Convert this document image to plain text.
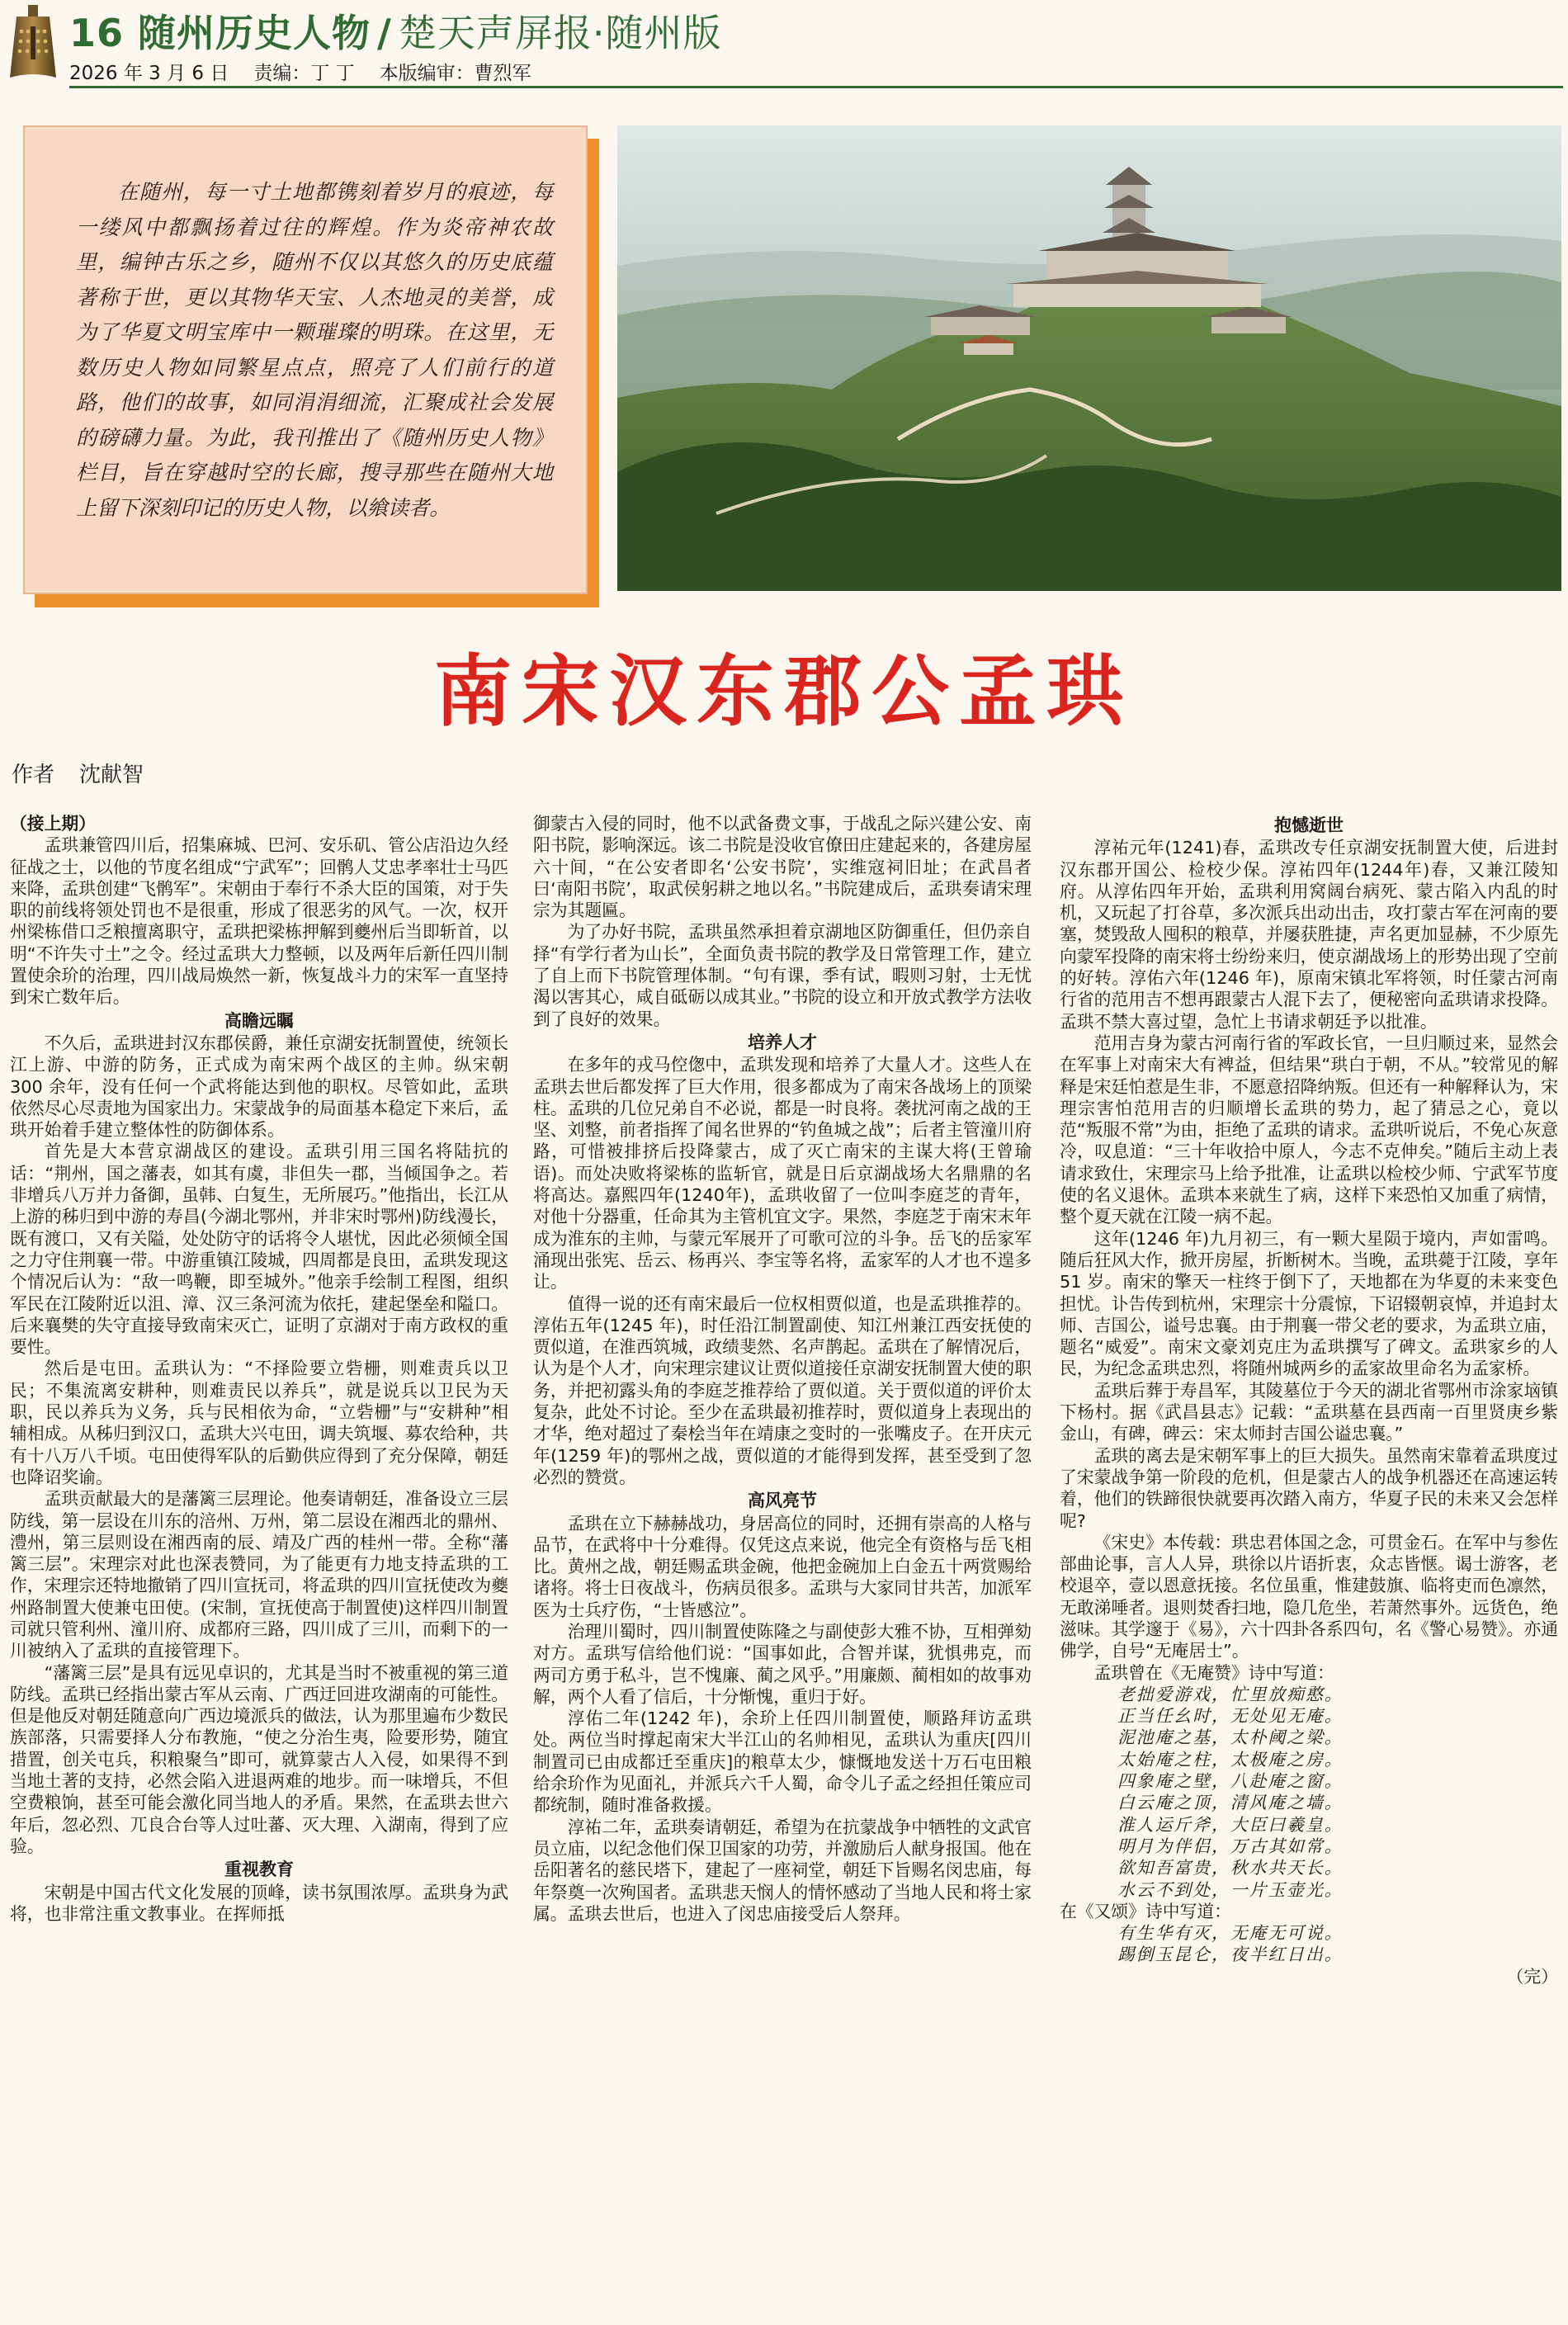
16 随州历史人物 / 楚天声屏报·随州版
2026 年 3 月 6 日 责编：丁 丁 本版编审：曹烈军

在随州，每一寸土地都镌刻着岁月的痕迹，每一缕风中都飘扬着过往的辉煌。作为炎帝神农故里，编钟古乐之乡，随州不仅以其悠久的历史底蕴著称于世，更以其物华天宝、人杰地灵的美誉，成为了华夏文明宝库中一颗璀璨的明珠。在这里，无数历史人物如同繁星点点，照亮了人们前行的道路，他们的故事，如同涓涓细流，汇聚成社会发展的磅礴力量。为此，我刊推出了《随州历史人物》栏目，旨在穿越时空的长廊，搜寻那些在随州大地上留下深刻印记的历史人物，以飨读者。

南宋汉东郡公孟珙
作者 沈献智

（接上期）

孟珙兼管四川后，招集麻城、巴河、安乐矶、管公店沿边久经征战之士，以他的节度名组成“宁武军”；回鹘人艾忠孝率壮士马匹来降，孟珙创建“飞鹘军”。宋朝由于奉行不杀大臣的国策，对于失职的前线将领处罚也不是很重，形成了很恶劣的风气。一次，权开州梁栋借口乏粮擅离职守，孟珙把梁栋押解到夔州后当即斩首，以明“不许失寸土”之令。经过孟珙大力整顿，以及两年后新任四川制置使余玠的治理，四川战局焕然一新，恢复战斗力的宋军一直坚持到宋亡数年后。

高瞻远瞩

不久后，孟珙进封汉东郡侯爵，兼任京湖安抚制置使，统领长江上游、中游的防务，正式成为南宋两个战区的主帅。纵宋朝 300 余年，没有任何一个武将能达到他的职权。尽管如此，孟珙依然尽心尽责地为国家出力。宋蒙战争的局面基本稳定下来后，孟珙开始着手建立整体性的防御体系。

首先是大本营京湖战区的建设。孟珙引用三国名将陆抗的话：“荆州，国之藩表，如其有虞，非但失一郡，当倾国争之。若非增兵八万并力备御，虽韩、白复生，无所展巧。”他指出，长江从上游的秭归到中游的寿昌(今湖北鄂州，并非宋时鄂州)防线漫长，既有渡口，又有关隘，处处防守的话将令人堪忧，因此必须倾全国之力守住荆襄一带。中游重镇江陵城，四周都是良田，孟珙发现这个情况后认为：“敌一鸣鞭，即至城外。”他亲手绘制工程图，组织军民在江陵附近以沮、漳、汉三条河流为依托，建起堡垒和隘口。后来襄樊的失守直接导致南宋灭亡，证明了京湖对于南方政权的重要性。

然后是屯田。孟珙认为：“不择险要立砦栅，则难责兵以卫民；不集流离安耕种，则难责民以养兵”，就是说兵以卫民为天职，民以养兵为义务，兵与民相依为命，“立砦栅”与“安耕种”相辅相成。从秭归到汉口，孟珙大兴屯田，调夫筑堰、募农给种，共有十八万八千顷。屯田使得军队的后勤供应得到了充分保障，朝廷也降诏奖谕。

孟珙贡献最大的是藩篱三层理论。他奏请朝廷，准备设立三层防线，第一层设在川东的涪州、万州，第二层设在湘西北的鼎州、澧州，第三层则设在湘西南的辰、靖及广西的桂州一带。全称“藩篱三层”。宋理宗对此也深表赞同，为了能更有力地支持孟珙的工作，宋理宗还特地撤销了四川宣抚司，将孟珙的四川宣抚使改为夔州路制置大使兼屯田使。(宋制，宣抚使高于制置使)这样四川制置司就只管利州、潼川府、成都府三路，四川成了三川，而剩下的一川被纳入了孟珙的直接管理下。

“藩篱三层”是具有远见卓识的，尤其是当时不被重视的第三道防线。孟珙已经指出蒙古军从云南、广西迂回进攻湖南的可能性。但是他反对朝廷随意向广西边境派兵的做法，认为那里遍布少数民族部落，只需要择人分布教施，“使之分治生夷，险要形势，随宜措置，创关屯兵，积粮聚刍”即可，就算蒙古人入侵，如果得不到当地土著的支持，必然会陷入进退两难的地步。而一味增兵，不但空费粮饷，甚至可能会激化同当地人的矛盾。果然，在孟珙去世六年后，忽必烈、兀良合台等人过吐蕃、灭大理、入湖南，得到了应验。

重视教育

宋朝是中国古代文化发展的顶峰，读书氛围浓厚。孟珙身为武将，也非常注重文教事业。在挥师抵

御蒙古入侵的同时，他不以武备费文事，于战乱之际兴建公安、南阳书院，影响深远。该二书院是没收官僚田庄建起来的，各建房屋六十间，“在公安者即名‘公安书院’，实维寇祠旧址；在武昌者曰‘南阳书院’，取武侯躬耕之地以名。”书院建成后，孟珙奏请宋理宗为其题匾。

为了办好书院，孟珙虽然承担着京湖地区防御重任，但仍亲自择“有学行者为山长”，全面负责书院的教学及日常管理工作，建立了自上而下书院管理体制。“句有课，季有试，暇则习射，士无忧渴以害其心，咸自砥砺以成其业。”书院的设立和开放式教学方法收到了良好的效果。

培养人才

在多年的戎马倥偬中，孟珙发现和培养了大量人才。这些人在孟珙去世后都发挥了巨大作用，很多都成为了南宋各战场上的顶梁柱。孟珙的几位兄弟自不必说，都是一时良将。袭扰河南之战的王坚、刘整，前者指挥了闻名世界的“钓鱼城之战”；后者主管潼川府路，可惜被排挤后投降蒙古，成了灭亡南宋的主谋大将(王曾瑜语)。而处决败将梁栋的监斩官，就是日后京湖战场大名鼎鼎的名将高达。嘉熙四年(1240年)，孟珙收留了一位叫李庭芝的青年，对他十分器重，任命其为主管机宜文字。果然，李庭芝于南宋末年成为淮东的主帅，与蒙元军展开了可歌可泣的斗争。岳飞的岳家军涌现出张宪、岳云、杨再兴、李宝等名将，孟家军的人才也不遑多让。

值得一说的还有南宋最后一位权相贾似道，也是孟珙推荐的。淳佑五年(1245 年)，时任沿江制置副使、知江州兼江西安抚使的贾似道，在淮西筑城，政绩斐然、名声鹊起。孟珙在了解情况后，认为是个人才，向宋理宗建议让贾似道接任京湖安抚制置大使的职务，并把初露头角的李庭芝推荐给了贾似道。关于贾似道的评价太复杂，此处不讨论。至少在孟珙最初推荐时，贾似道身上表现出的才华，绝对超过了秦桧当年在靖康之变时的一张嘴皮子。在开庆元年(1259 年)的鄂州之战，贾似道的才能得到发挥，甚至受到了忽必烈的赞赏。

高风亮节

孟珙在立下赫赫战功，身居高位的同时，还拥有崇高的人格与品节，在武将中十分难得。仅凭这点来说，他完全有资格与岳飞相比。黄州之战，朝廷赐孟珙金碗，他把金碗加上白金五十两赏赐给诸将。将士日夜战斗，伤病员很多。孟珙与大家同甘共苦，加派军医为士兵疗伤，“士皆感泣”。

治理川蜀时，四川制置使陈隆之与副使彭大雅不协，互相弹劾对方。孟珙写信给他们说：“国事如此，合智并谋，犹惧弗克，而两司方勇于私斗，岂不愧廉、蔺之风乎。”用廉颇、蔺相如的故事劝解，两个人看了信后，十分惭愧，重归于好。

淳佑二年(1242 年)，余玠上任四川制置使，顺路拜访孟珙处。两位当时撑起南宋大半江山的名帅相见，孟珙认为重庆[四川制置司已由成都迁至重庆]的粮草太少，慷慨地发送十万石屯田粮给余玠作为见面礼，并派兵六千人蜀，命令儿子孟之经担任策应司都统制，随时准备救援。

淳祐二年，孟珙奏请朝廷，希望为在抗蒙战争中牺牲的文武官员立庙，以纪念他们保卫国家的功劳，并激励后人献身报国。他在岳阳著名的慈民塔下，建起了一座祠堂，朝廷下旨赐名闵忠庙，每年祭奠一次殉国者。孟珙悲天悯人的情怀感动了当地人民和将士家属。孟珙去世后，也进入了闵忠庙接受后人祭拜。

抱憾逝世

淳祐元年(1241)春，孟珙改专任京湖安抚制置大使，后进封汉东郡开国公、检校少保。淳祐四年(1244年)春，又兼江陵知府。从淳佑四年开始，孟珙利用窝阔台病死、蒙古陷入内乱的时机，又玩起了打谷草，多次派兵出动出击，攻打蒙古军在河南的要塞，焚毁敌人囤积的粮草，并屡获胜捷，声名更加显赫，不少原先向蒙军投降的南宋将士纷纷来归，使京湖战场上的形势出现了空前的好转。淳佑六年(1246 年)，原南宋镇北军将领，时任蒙古河南行省的范用吉不想再跟蒙古人混下去了，便秘密向孟珙请求投降。孟珙不禁大喜过望，急忙上书请求朝廷予以批准。

范用吉身为蒙古河南行省的军政长官，一旦归顺过来，显然会在军事上对南宋大有裨益，但结果“珙白于朝，不从。”较常见的解释是宋廷怕惹是生非，不愿意招降纳叛。但还有一种解释认为，宋理宗害怕范用吉的归顺增长孟珙的势力，起了猜忌之心，竟以范“叛服不常”为由，拒绝了孟珙的请求。孟珙听说后，不免心灰意冷，叹息道：“三十年收拾中原人，今志不克伸矣。”随后主动上表请求致仕，宋理宗马上给予批准，让孟珙以检校少师、宁武军节度使的名义退休。孟珙本来就生了病，这样下来恐怕又加重了病情，整个夏天就在江陵一病不起。

这年(1246 年)九月初三，有一颗大星陨于境内，声如雷鸣。随后狂风大作，掀开房屋，折断树木。当晚，孟珙薨于江陵，享年 51 岁。南宋的擎天一柱终于倒下了，天地都在为华夏的未来变色担忧。讣告传到杭州，宋理宗十分震惊，下诏辍朝哀悼，并追封太师、吉国公，谥号忠襄。由于荆襄一带父老的要求，为孟珙立庙，题名“威爱”。南宋文豪刘克庄为孟珙撰写了碑文。孟珙家乡的人民，为纪念孟珙忠烈，将随州城两乡的孟家故里命名为孟家桥。

孟珙后葬于寿昌军，其陵墓位于今天的湖北省鄂州市涂家垴镇下杨村。据《武昌县志》记载：“孟珙墓在县西南一百里贤庚乡紫金山，有碑，碑云：宋太师封吉国公谥忠襄。”

孟珙的离去是宋朝军事上的巨大损失。虽然南宋靠着孟珙度过了宋蒙战争第一阶段的危机，但是蒙古人的战争机器还在高速运转着，他们的铁蹄很快就要再次踏入南方，华夏子民的未来又会怎样呢?

《宋史》本传载：珙忠君体国之念，可贯金石。在军中与参佐部曲论事，言人人异，珙徐以片语折衷，众志皆惬。谒士游客，老校退卒，壹以恩意抚接。名位虽重，惟建鼓旗、临将吏而色凛然，无敢涕唾者。退则焚香扫地，隐几危坐，若萧然事外。远货色，绝滋味。其学邃于《易》，六十四卦各系四句，名《警心易赞》。亦通佛学，自号“无庵居士”。

孟珙曾在《无庵赞》诗中写道：

老拙爱游戏，忙里放痴憨。
正当任幺时，无处见无庵。
泥池庵之基，太朴阈之梁。
太始庵之柱，太极庵之房。
四象庵之壁，八赴庵之窗。
白云庵之顶，清风庵之墙。
淮人运斤斧，大臣曰羲皇。
明月为伴侣，万古其如常。
欲知吾富贵，秋水共天长。
水云不到处，一片玉壶光。

在《又颂》诗中写道：

有生华有灭，无庵无可说。
踢倒玉昆仑，夜半红日出。
（完）
